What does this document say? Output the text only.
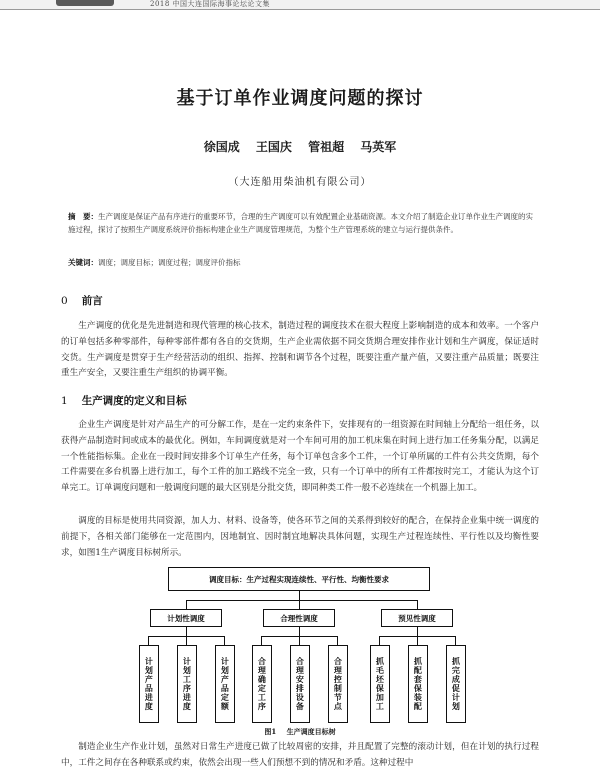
2018 中国大连国际海事论坛论文集
基于订单作业调度问题的探讨
徐国成 王国庆 管祖超 马英军
（大连船用柴油机有限公司）
摘　要：生产调度是保证产品有序进行的重要环节，合理的生产调度可以有效配置企业基础资源。本文介绍了制造企业订单作业生产调度的实施过程，探讨了按照生产调度系统评价指标构建企业生产调度管理规范，为整个生产管理系统的建立与运行提供条件。
关键词：调度；调度目标；调度过程；调度评价指标
0 前言
生产调度的优化是先进制造和现代管理的核心技术，制造过程的调度技术在很大程度上影响制造的成本和效率。一个客户的订单包括多种零部件，每种零部件都有各自的交货期，生产企业需依据不同交货期合理安排作业计划和生产调度，保证适时交货。生产调度是贯穿于生产经营活动的组织、指挥、控制和调节各个过程，既要注重产量产值，又要注重产品质量；既要注重生产安全，又要注重生产组织的协调平衡。
1 生产调度的定义和目标
企业生产调度是针对产品生产的可分解工作，是在一定约束条件下，安排现有的一组资源在时间轴上分配给一组任务，以获得产品制造时间或成本的最优化。例如，车间调度就是对一个车间可用的加工机床集在时间上进行加工任务集分配，以满足一个性能指标集。企业在一段时间安排多个订单生产任务，每个订单包含多个工件，一个订单所属的工件有公共交货期，每个工件需要在多台机器上进行加工，每个工件的加工路线不完全一致，只有一个订单中的所有工件都按时完工，才能认为这个订单完工。订单调度问题和一般调度问题的最大区别是分批交货，即同种类工件一般不必连续在一个机器上加工。
调度的目标是使用共同资源，加人力、材料、设备等，使各环节之间的关系得到较好的配合，在保持企业集中统一调度的前提下，各相关部门能够在一定范围内，因地制宜、因时制宜地解决具体问题，实现生产过程连续性、平行性以及均衡性要求，如图1生产调度目标树所示。
调度目标：生产过程实现连续性、平行性、均衡性要求
计划性调度	合理性调度	预见性调度
计划产品进度	计划工序进度	计划产品定额	合理确定工序	合理安排设备	合理控制节点	抓毛坯保加工	抓配套保装配	抓完成促计划
图1 生产调度目标树
制造企业生产作业计划，虽然对日常生产进度已做了比较周密的安排，并且配置了完整的滚动计划，但在计划的执行过程中，工件之间存在各种联系或约束，依然会出现一些人们预想不到的情况和矛盾。这种过程中
